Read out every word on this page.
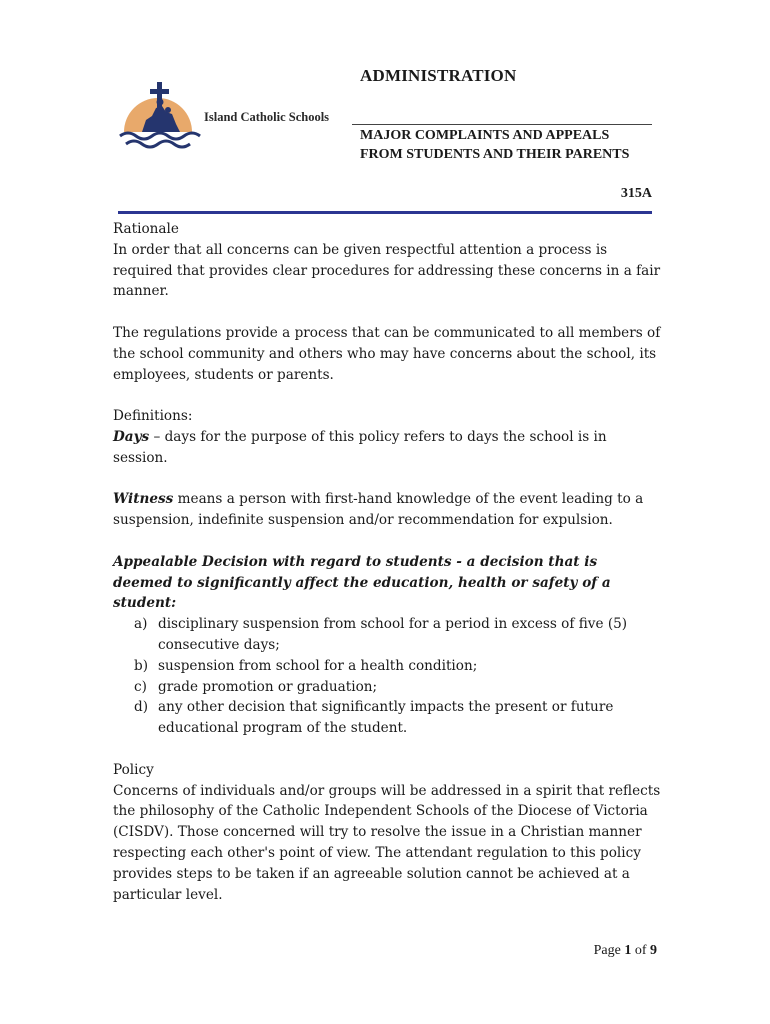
Island Catholic Schools
ADMINISTRATION
MAJOR COMPLAINTS AND APPEALS FROM STUDENTS AND THEIR PARENTS
315A

Rationale

In order that all concerns can be given respectful attention a process is required that provides clear procedures for addressing these concerns in a fair manner.

The regulations provide a process that can be communicated to all members of the school community and others who may have concerns about the school, its employees, students or parents.

Definitions:

Days – days for the purpose of this policy refers to days the school is in session.

Witness means a person with first-hand knowledge of the event leading to a suspension, indefinite suspension and/or recommendation for expulsion.

Appealable Decision with regard to students - a decision that is deemed to significantly affect the education, health or safety of a student:

a) disciplinary suspension from school for a period in excess of five (5) consecutive days;
b) suspension from school for a health condition;
c) grade promotion or graduation;
d) any other decision that significantly impacts the present or future educational program of the student.

Policy

Concerns of individuals and/or groups will be addressed in a spirit that reflects the philosophy of the Catholic Independent Schools of the Diocese of Victoria (CISDV). Those concerned will try to resolve the issue in a Christian manner respecting each other's point of view. The attendant regulation to this policy provides steps to be taken if an agreeable solution cannot be achieved at a particular level.

Page 1 of 9
